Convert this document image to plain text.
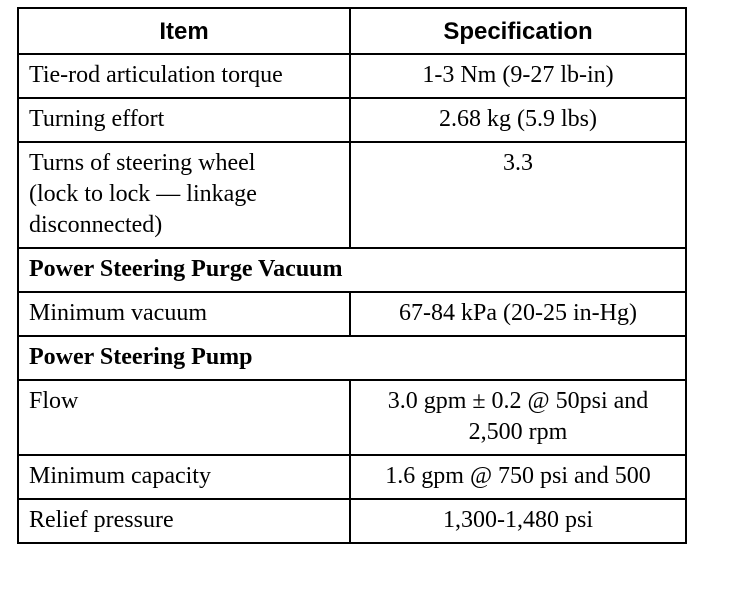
Item	Specification
Tie-rod articulation torque	1-3 Nm (9-27 lb-in)
Turning effort	2.68 kg (5.9 lbs)
Turns of steering wheel (lock to lock — linkage disconnected)	3.3
Power Steering Purge Vacuum	
Minimum vacuum	67-84 kPa (20-25 in-Hg)
Power Steering Pump	
Flow	3.0 gpm ± 0.2 @ 50psi and 2,500 rpm
Minimum capacity	1.6 gpm @ 750 psi and 500
Relief pressure	1,300-1,480 psi
